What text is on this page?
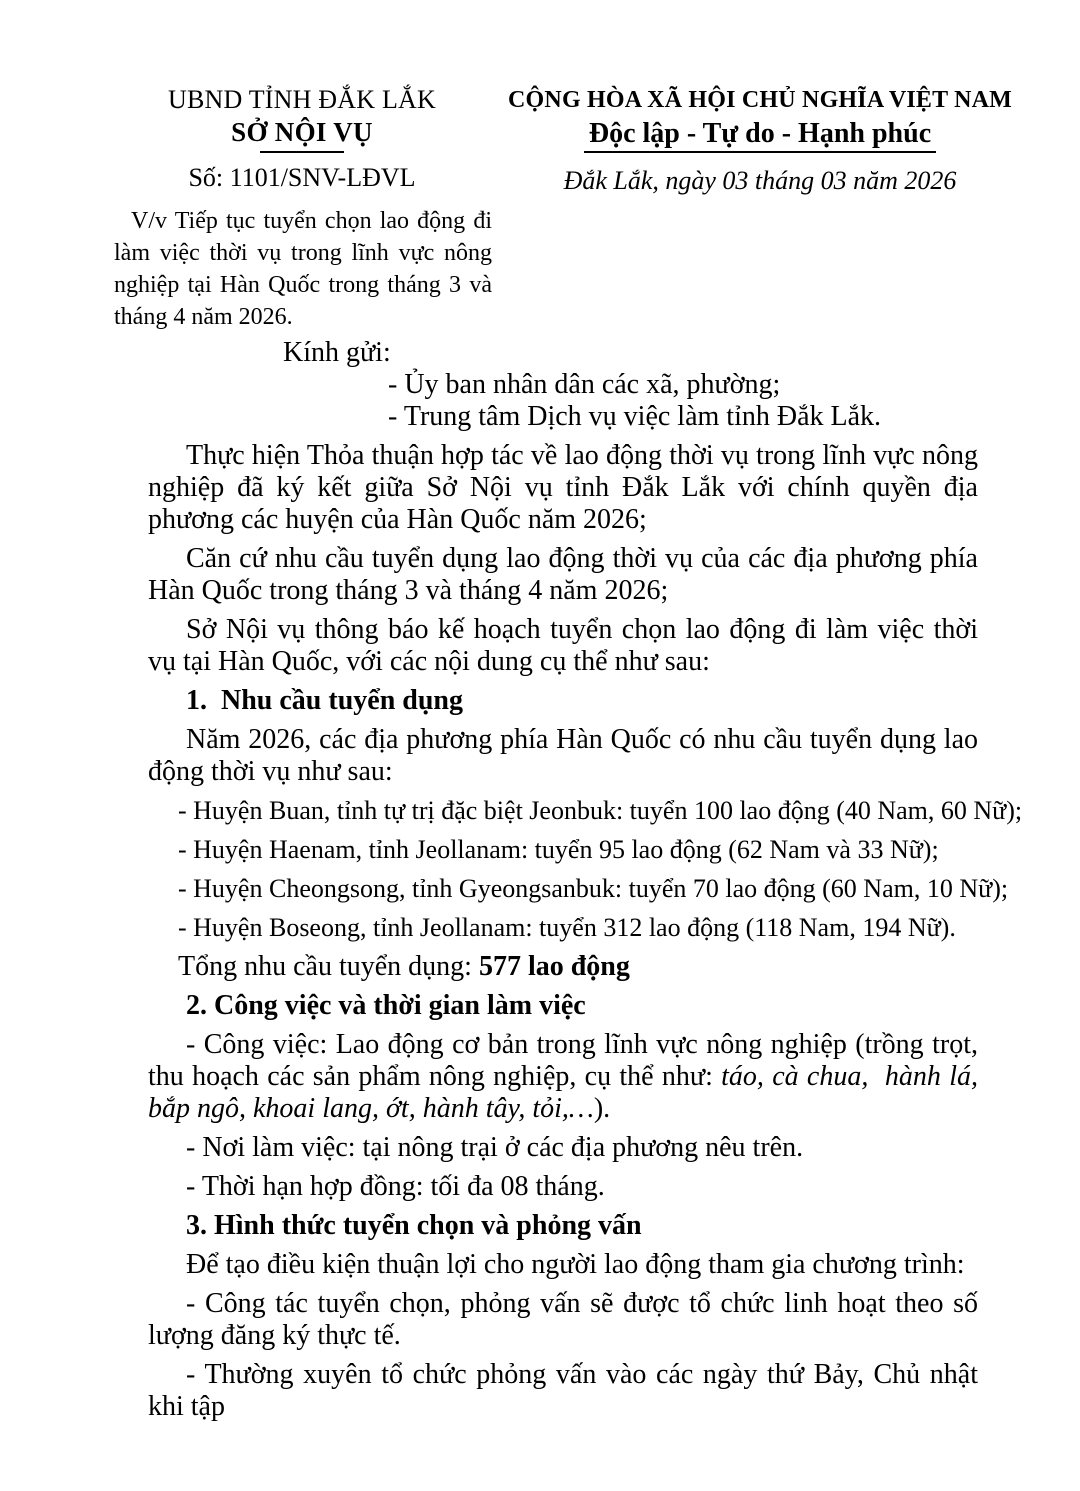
UBND TỈNH ĐẮK LẮK
SỞ NỘI VỤ
Số: 1101/SNV-LĐVL
V/v Tiếp tục tuyển chọn lao động đi làm việc thời vụ trong lĩnh vực nông nghiệp tại Hàn Quốc trong tháng 3 và tháng 4 năm 2026.
CỘNG HÒA XÃ HỘI CHỦ NGHĨA VIỆT NAM
Độc lập - Tự do - Hạnh phúc
Đắk Lắk, ngày 03 tháng 03 năm 2026
Kính gửi:
- Ủy ban nhân dân các xã, phường;
- Trung tâm Dịch vụ việc làm tỉnh Đắk Lắk.

Thực hiện Thỏa thuận hợp tác về lao động thời vụ trong lĩnh vực nông nghiệp đã ký kết giữa Sở Nội vụ tỉnh Đắk Lắk với chính quyền địa phương các huyện của Hàn Quốc năm 2026;

Căn cứ nhu cầu tuyển dụng lao động thời vụ của các địa phương phía Hàn Quốc trong tháng 3 và tháng 4 năm 2026;

Sở Nội vụ thông báo kế hoạch tuyển chọn lao động đi làm việc thời vụ tại Hàn Quốc, với các nội dung cụ thể như sau:

1.  Nhu cầu tuyển dụng

Năm 2026, các địa phương phía Hàn Quốc có nhu cầu tuyển dụng lao động thời vụ như sau:

- Huyện Buan, tỉnh tự trị đặc biệt Jeonbuk: tuyển 100 lao động (40 Nam, 60 Nữ);

- Huyện Haenam, tỉnh Jeollanam: tuyển 95 lao động (62 Nam và 33 Nữ);

- Huyện Cheongsong, tỉnh Gyeongsanbuk: tuyển 70 lao động (60 Nam, 10 Nữ);

- Huyện Boseong, tỉnh Jeollanam: tuyển 312 lao động (118 Nam, 194 Nữ).

Tổng nhu cầu tuyển dụng: 577 lao động

2. Công việc và thời gian làm việc

- Công việc: Lao động cơ bản trong lĩnh vực nông nghiệp (trồng trọt, thu hoạch các sản phẩm nông nghiệp, cụ thể như: táo, cà chua,  hành lá, bắp ngô, khoai lang, ớt, hành tây, tỏi,…).

- Nơi làm việc: tại nông trại ở các địa phương nêu trên.

- Thời hạn hợp đồng: tối đa 08 tháng.

3. Hình thức tuyển chọn và phỏng vấn

Để tạo điều kiện thuận lợi cho người lao động tham gia chương trình:

- Công tác tuyển chọn, phỏng vấn sẽ được tổ chức linh hoạt theo số lượng đăng ký thực tế.

- Thường xuyên tổ chức phỏng vấn vào các ngày thứ Bảy, Chủ nhật khi tập
